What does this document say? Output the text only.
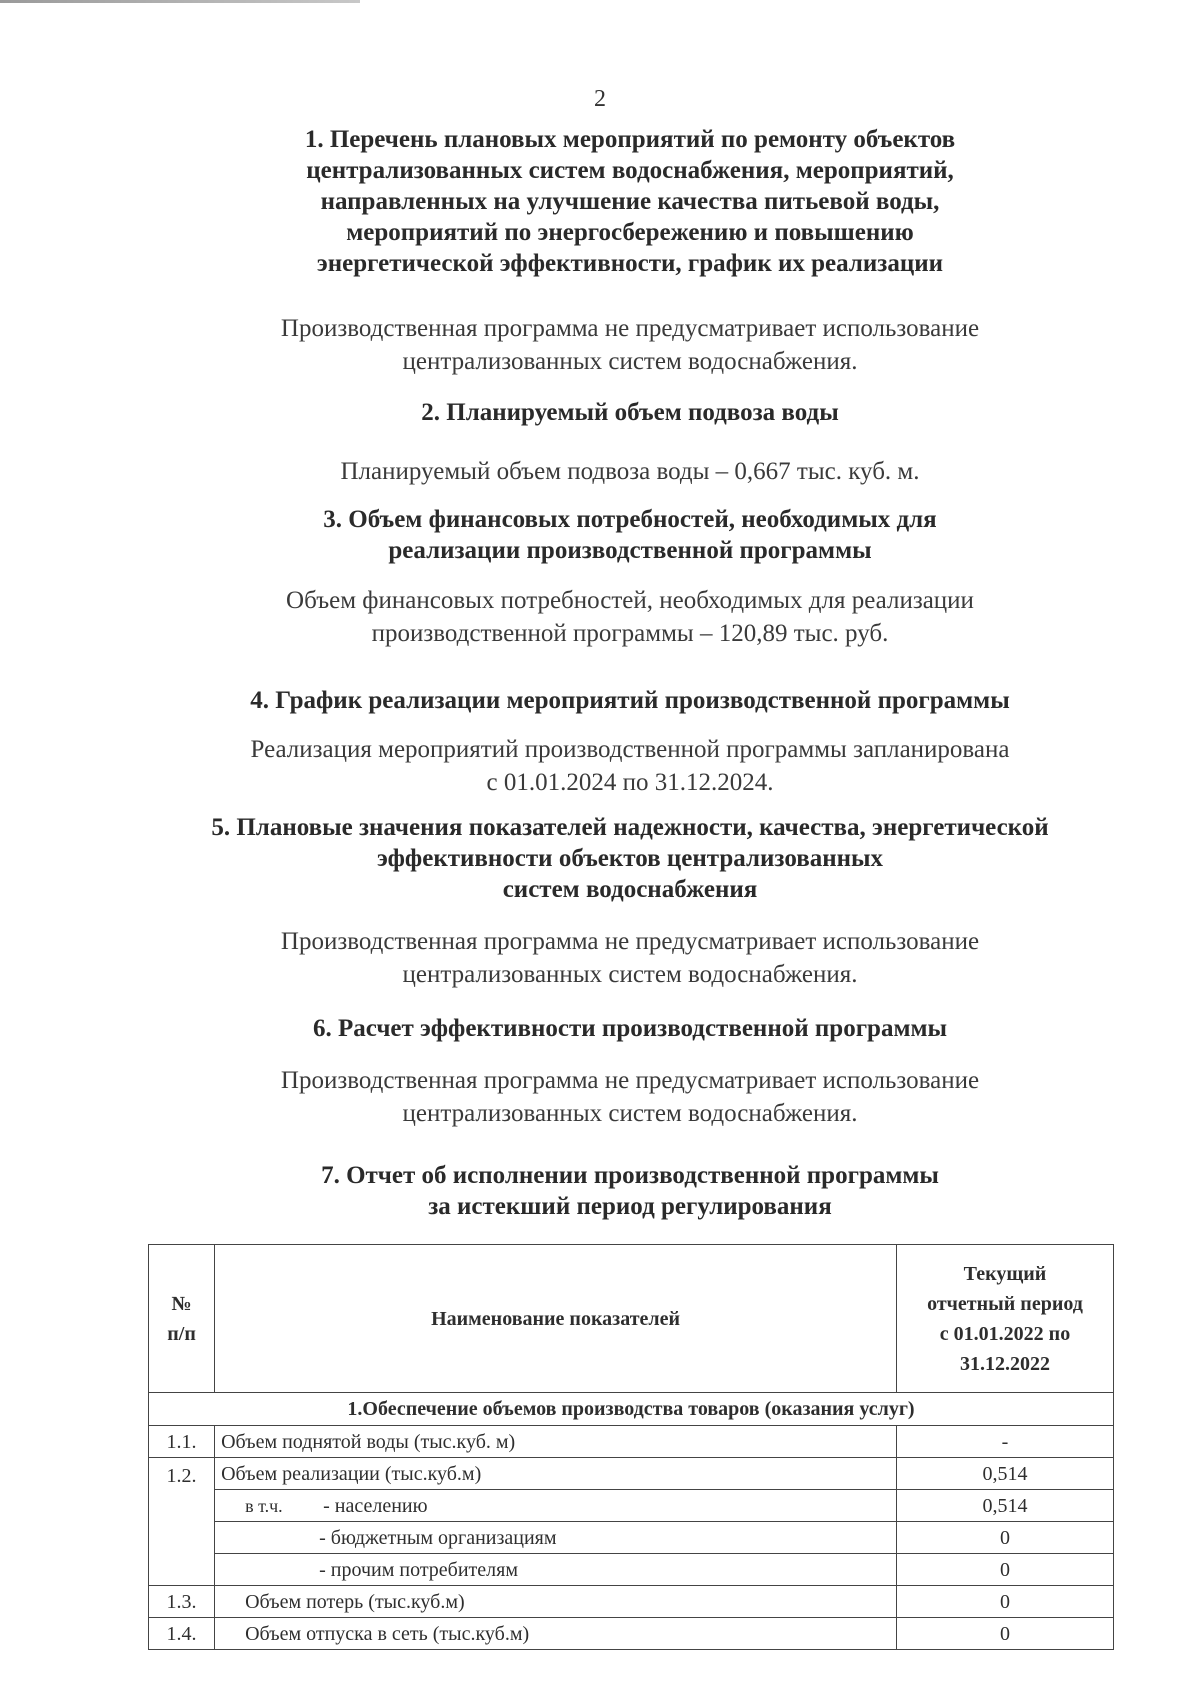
2
1. Перечень плановых мероприятий по ремонту объектов
централизованных систем водоснабжения, мероприятий,
направленных на улучшение качества питьевой воды,
мероприятий по энергосбережению и повышению
энергетической эффективности, график их реализации
Производственная программа не предусматривает использование
централизованных систем водоснабжения.
2. Планируемый объем подвоза воды
Планируемый объем подвоза воды – 0,667 тыс. куб. м.
3. Объем финансовых потребностей, необходимых для
реализации производственной программы
Объем финансовых потребностей, необходимых для реализации
производственной программы – 120,89 тыс. руб.
4. График реализации мероприятий производственной программы
Реализация мероприятий производственной программы запланирована
с 01.01.2024 по 31.12.2024.
5. Плановые значения показателей надежности, качества, энергетической
эффективности объектов централизованных
систем водоснабжения
Производственная программа не предусматривает использование
централизованных систем водоснабжения.
6. Расчет эффективности производственной программы
Производственная программа не предусматривает использование
централизованных систем водоснабжения.
7. Отчет об исполнении производственной программы
за истекший период регулирования
№
п/п	Наименование показателей	Текущий
отчетный период
с 01.01.2022 по
31.12.2022
1.Обеспечение объемов производства товаров (оказания услуг)		
1.1.	Объем поднятой воды (тыс.куб. м)	-
1.2.	Объем реализации (тыс.куб.м)	0,514
	в т.ч. - населению	0,514
	- бюджетным организациям	0
	- прочим потребителям	0
1.3.	Объем потерь (тыс.куб.м)	0
1.4.	Объем отпуска в сеть (тыс.куб.м)	0
